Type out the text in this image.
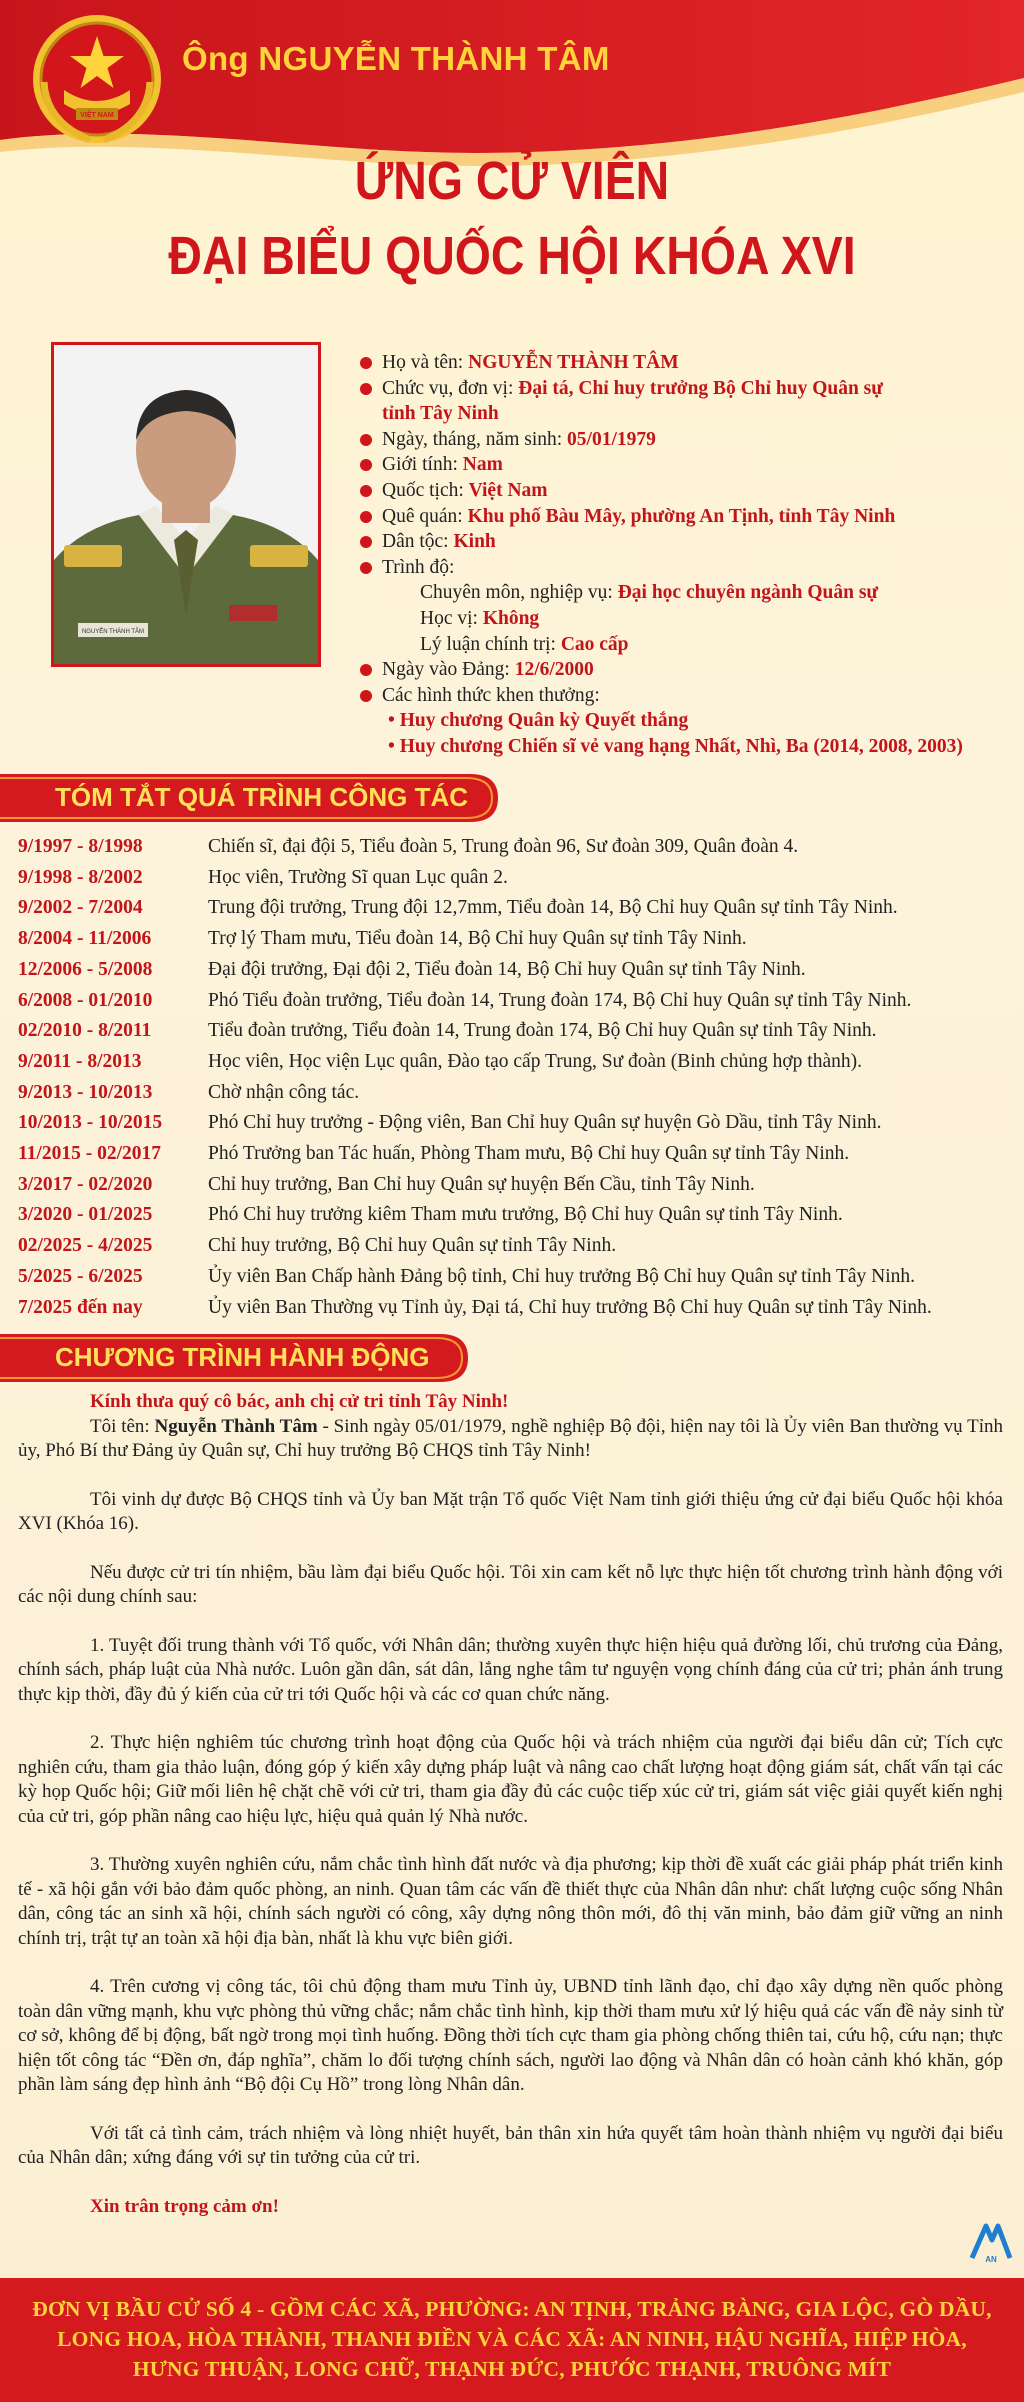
VIỆT NAM
Ông NGUYỄN THÀNH TÂM
ỨNG CỬ VIÊN
ĐẠI BIỂU QUỐC HỘI KHÓA XVI
NGUYỄN THÀNH TÂM
Họ và tên: NGUYỄN THÀNH TÂM
Chức vụ, đơn vị: Đại tá, Chỉ huy trưởng Bộ Chỉ huy Quân sự
tỉnh Tây Ninh
Ngày, tháng, năm sinh: 05/01/1979
Giới tính: Nam
Quốc tịch: Việt Nam
Quê quán: Khu phố Bàu Mây, phường An Tịnh, tỉnh Tây Ninh
Dân tộc: Kinh
Trình độ:
Chuyên môn, nghiệp vụ: Đại học chuyên ngành Quân sự
Học vị: Không
Lý luận chính trị: Cao cấp
Ngày vào Đảng: 12/6/2000
Các hình thức khen thưởng:
• Huy chương Quân kỳ Quyết thắng
• Huy chương Chiến sĩ vẻ vang hạng Nhất, Nhì, Ba (2014, 2008, 2003)
TÓM TẮT QUÁ TRÌNH CÔNG TÁC
9/1997 - 8/1998	Chiến sĩ, đại đội 5, Tiểu đoàn 5, Trung đoàn 96, Sư đoàn 309, Quân đoàn 4.
9/1998 - 8/2002	Học viên, Trường Sĩ quan Lục quân 2.
9/2002 - 7/2004	Trung đội trưởng, Trung đội 12,7mm, Tiểu đoàn 14, Bộ Chỉ huy Quân sự tỉnh Tây Ninh.
8/2004 - 11/2006	Trợ lý Tham mưu, Tiểu đoàn 14, Bộ Chỉ huy Quân sự tỉnh Tây Ninh.
12/2006 - 5/2008	Đại đội trưởng, Đại đội 2, Tiểu đoàn 14, Bộ Chỉ huy Quân sự tỉnh Tây Ninh.
6/2008 - 01/2010	Phó Tiểu đoàn trưởng, Tiểu đoàn 14, Trung đoàn 174, Bộ Chỉ huy Quân sự tỉnh Tây Ninh.
02/2010 - 8/2011	Tiểu đoàn trưởng, Tiểu đoàn 14, Trung đoàn 174, Bộ Chỉ huy Quân sự tỉnh Tây Ninh.
9/2011 - 8/2013	Học viên, Học viện Lục quân, Đào tạo cấp Trung, Sư đoàn (Binh chủng hợp thành).
9/2013 - 10/2013	Chờ nhận công tác.
10/2013 - 10/2015	Phó Chỉ huy trưởng - Động viên, Ban Chỉ huy Quân sự huyện Gò Dầu, tỉnh Tây Ninh.
11/2015 - 02/2017	Phó Trưởng ban Tác huấn, Phòng Tham mưu, Bộ Chỉ huy Quân sự tỉnh Tây Ninh.
3/2017 - 02/2020	Chỉ huy trưởng, Ban Chỉ huy Quân sự huyện Bến Cầu, tỉnh Tây Ninh.
3/2020 - 01/2025	Phó Chỉ huy trưởng kiêm Tham mưu trưởng, Bộ Chỉ huy Quân sự tỉnh Tây Ninh.
02/2025 - 4/2025	Chỉ huy trưởng, Bộ Chỉ huy Quân sự tỉnh Tây Ninh.
5/2025 - 6/2025	Ủy viên Ban Chấp hành Đảng bộ tỉnh, Chỉ huy trưởng Bộ Chỉ huy Quân sự tỉnh Tây Ninh.
7/2025 đến nay	Ủy viên Ban Thường vụ Tỉnh ủy, Đại tá, Chỉ huy trưởng Bộ Chỉ huy Quân sự tỉnh Tây Ninh.
CHƯƠNG TRÌNH HÀNH ĐỘNG

Kính thưa quý cô bác, anh chị cử tri tỉnh Tây Ninh!

Tôi tên: Nguyễn Thành Tâm - Sinh ngày 05/01/1979, nghề nghiệp Bộ đội, hiện nay tôi là Ủy viên Ban thường vụ Tỉnh ủy, Phó Bí thư Đảng ủy Quân sự, Chỉ huy trưởng Bộ CHQS tỉnh Tây Ninh!

Tôi vinh dự được Bộ CHQS tỉnh và Ủy ban Mặt trận Tổ quốc Việt Nam tỉnh giới thiệu ứng cử đại biểu Quốc hội khóa XVI (Khóa 16).

Nếu được cử tri tín nhiệm, bầu làm đại biểu Quốc hội. Tôi xin cam kết nỗ lực thực hiện tốt chương trình hành động với các nội dung chính sau:

1. Tuyệt đối trung thành với Tổ quốc, với Nhân dân; thường xuyên thực hiện hiệu quả đường lối, chủ trương của Đảng, chính sách, pháp luật của Nhà nước. Luôn gần dân, sát dân, lắng nghe tâm tư nguyện vọng chính đáng của cử tri; phản ánh trung thực kịp thời, đầy đủ ý kiến của cử tri tới Quốc hội và các cơ quan chức năng.

2. Thực hiện nghiêm túc chương trình hoạt động của Quốc hội và trách nhiệm của người đại biểu dân cử; Tích cực nghiên cứu, tham gia thảo luận, đóng góp ý kiến xây dựng pháp luật và nâng cao chất lượng hoạt động giám sát, chất vấn tại các kỳ họp Quốc hội; Giữ mối liên hệ chặt chẽ với cử tri, tham gia đầy đủ các cuộc tiếp xúc cử tri, giám sát việc giải quyết kiến nghị của cử tri, góp phần nâng cao hiệu lực, hiệu quả quản lý Nhà nước.

3. Thường xuyên nghiên cứu, nắm chắc tình hình đất nước và địa phương; kịp thời đề xuất các giải pháp phát triển kinh tế - xã hội gắn với bảo đảm quốc phòng, an ninh. Quan tâm các vấn đề thiết thực của Nhân dân như: chất lượng cuộc sống Nhân dân, công tác an sinh xã hội, chính sách người có công, xây dựng nông thôn mới, đô thị văn minh, bảo đảm giữ vững an ninh chính trị, trật tự an toàn xã hội địa bàn, nhất là khu vực biên giới.

4. Trên cương vị công tác, tôi chủ động tham mưu Tỉnh ủy, UBND tỉnh lãnh đạo, chỉ đạo xây dựng nền quốc phòng toàn dân vững mạnh, khu vực phòng thủ vững chắc; nắm chắc tình hình, kịp thời tham mưu xử lý hiệu quả các vấn đề nảy sinh từ cơ sở, không để bị động, bất ngờ trong mọi tình huống. Đồng thời tích cực tham gia phòng chống thiên tai, cứu hộ, cứu nạn; thực hiện tốt công tác “Đền ơn, đáp nghĩa”, chăm lo đối tượng chính sách, người lao động và Nhân dân có hoàn cảnh khó khăn, góp phần làm sáng đẹp hình ảnh “Bộ đội Cụ Hồ” trong lòng Nhân dân.

Với tất cả tình cảm, trách nhiệm và lòng nhiệt huyết, bản thân xin hứa quyết tâm hoàn thành nhiệm vụ người đại biểu của Nhân dân; xứng đáng với sự tin tưởng của cử tri.

Xin trân trọng cảm ơn!

AN
ĐƠN VỊ BẦU CỬ SỐ 4 - GỒM CÁC XÃ, PHƯỜNG: AN TỊNH, TRẢNG BÀNG, GIA LỘC, GÒ DẦU,
LONG HOA, HÒA THÀNH, THANH ĐIỀN VÀ CÁC XÃ: AN NINH, HẬU NGHĨA, HIỆP HÒA,
HƯNG THUẬN, LONG CHỮ, THẠNH ĐỨC, PHƯỚC THẠNH, TRUÔNG MÍT
